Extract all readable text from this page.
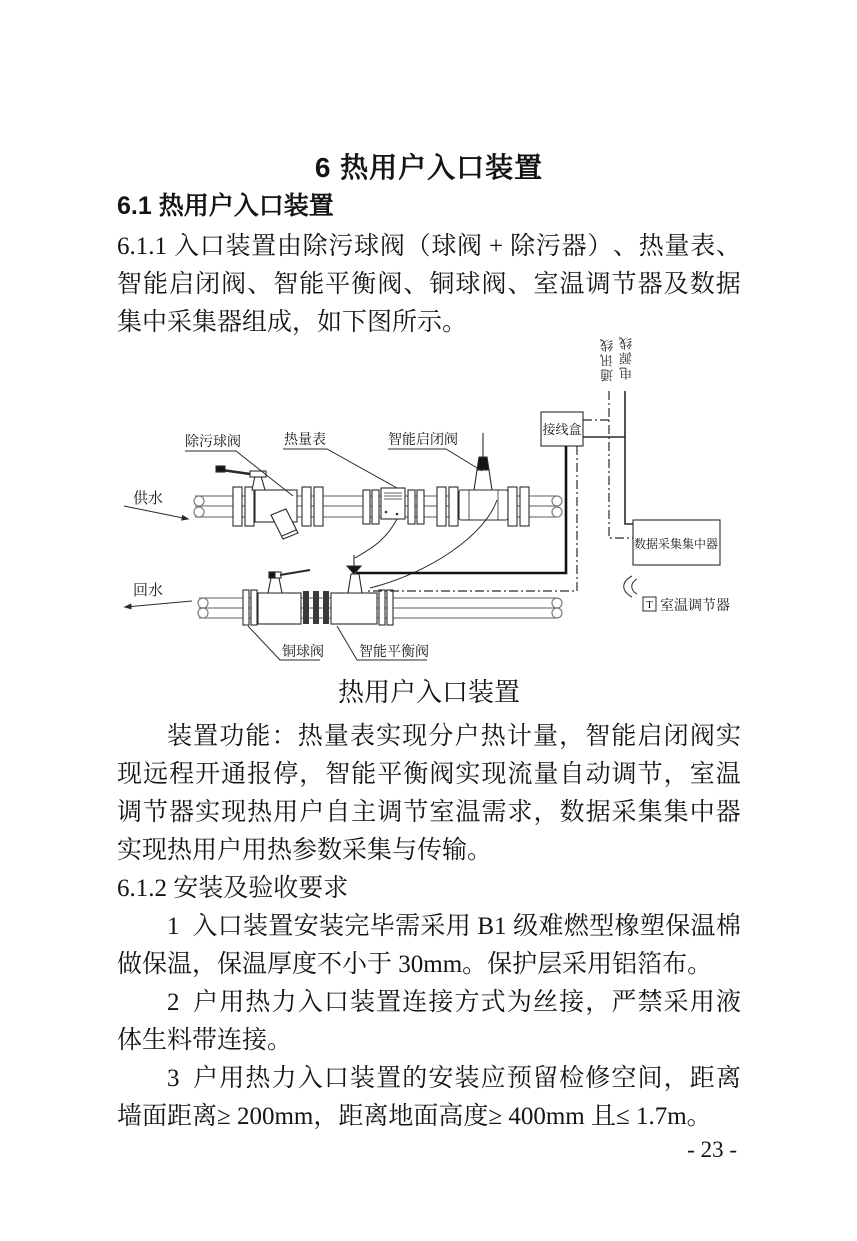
6 热用户入口装置
6.1 热用户入口装置
6.1.1 入 口 装 置 由 除 污 球 阀 （ 球 阀 + 除 污 器 ） 、 热 量 表 、
智 能 启 闭 阀 、 智 能 平 衡 阀 、 铜 球 阀 、 室 温 调 节 器 及 数 据
集中采集器组成，如下图所示。
除污球阀	热量表	智能启闭阀
供水
回水
接线盒
数据采集集中器
T 室温调节器
铜球阀	智能平衡阀
通讯线 电源线
热用户入口装置
装 置 功 能 ： 热 量 表 实 现 分 户 热 计 量 ， 智 能 启 闭 阀 实
现 远 程 开 通 报 停 ， 智 能 平 衡 阀 实 现 流 量 自 动 调 节 ， 室 温
调 节 器 实 现 热 用 户 自 主 调 节 室 温 需 求 ， 数 据 采 集 集 中 器
实现热用户用热参数采集与传输。
6.1.2 安装及验收要求
1 入 口 装 置 安 装 完 毕 需 采 用 B1 级 难 燃 型 橡 塑 保 温 棉
做保温，保温厚度不小于 30mm。保护层采用铝箔布。
2 户 用 热 力 入 口 装 置 连 接 方 式 为 丝 接 ， 严 禁 采 用 液
体生料带连接。
3 户 用 热 力 入 口 装 置 的 安 装 应 预 留 检 修 空 间 ， 距 离
墙面距离≥ 200mm，距离地面高度≥ 400mm 且≤ 1.7m。
- 23 -
